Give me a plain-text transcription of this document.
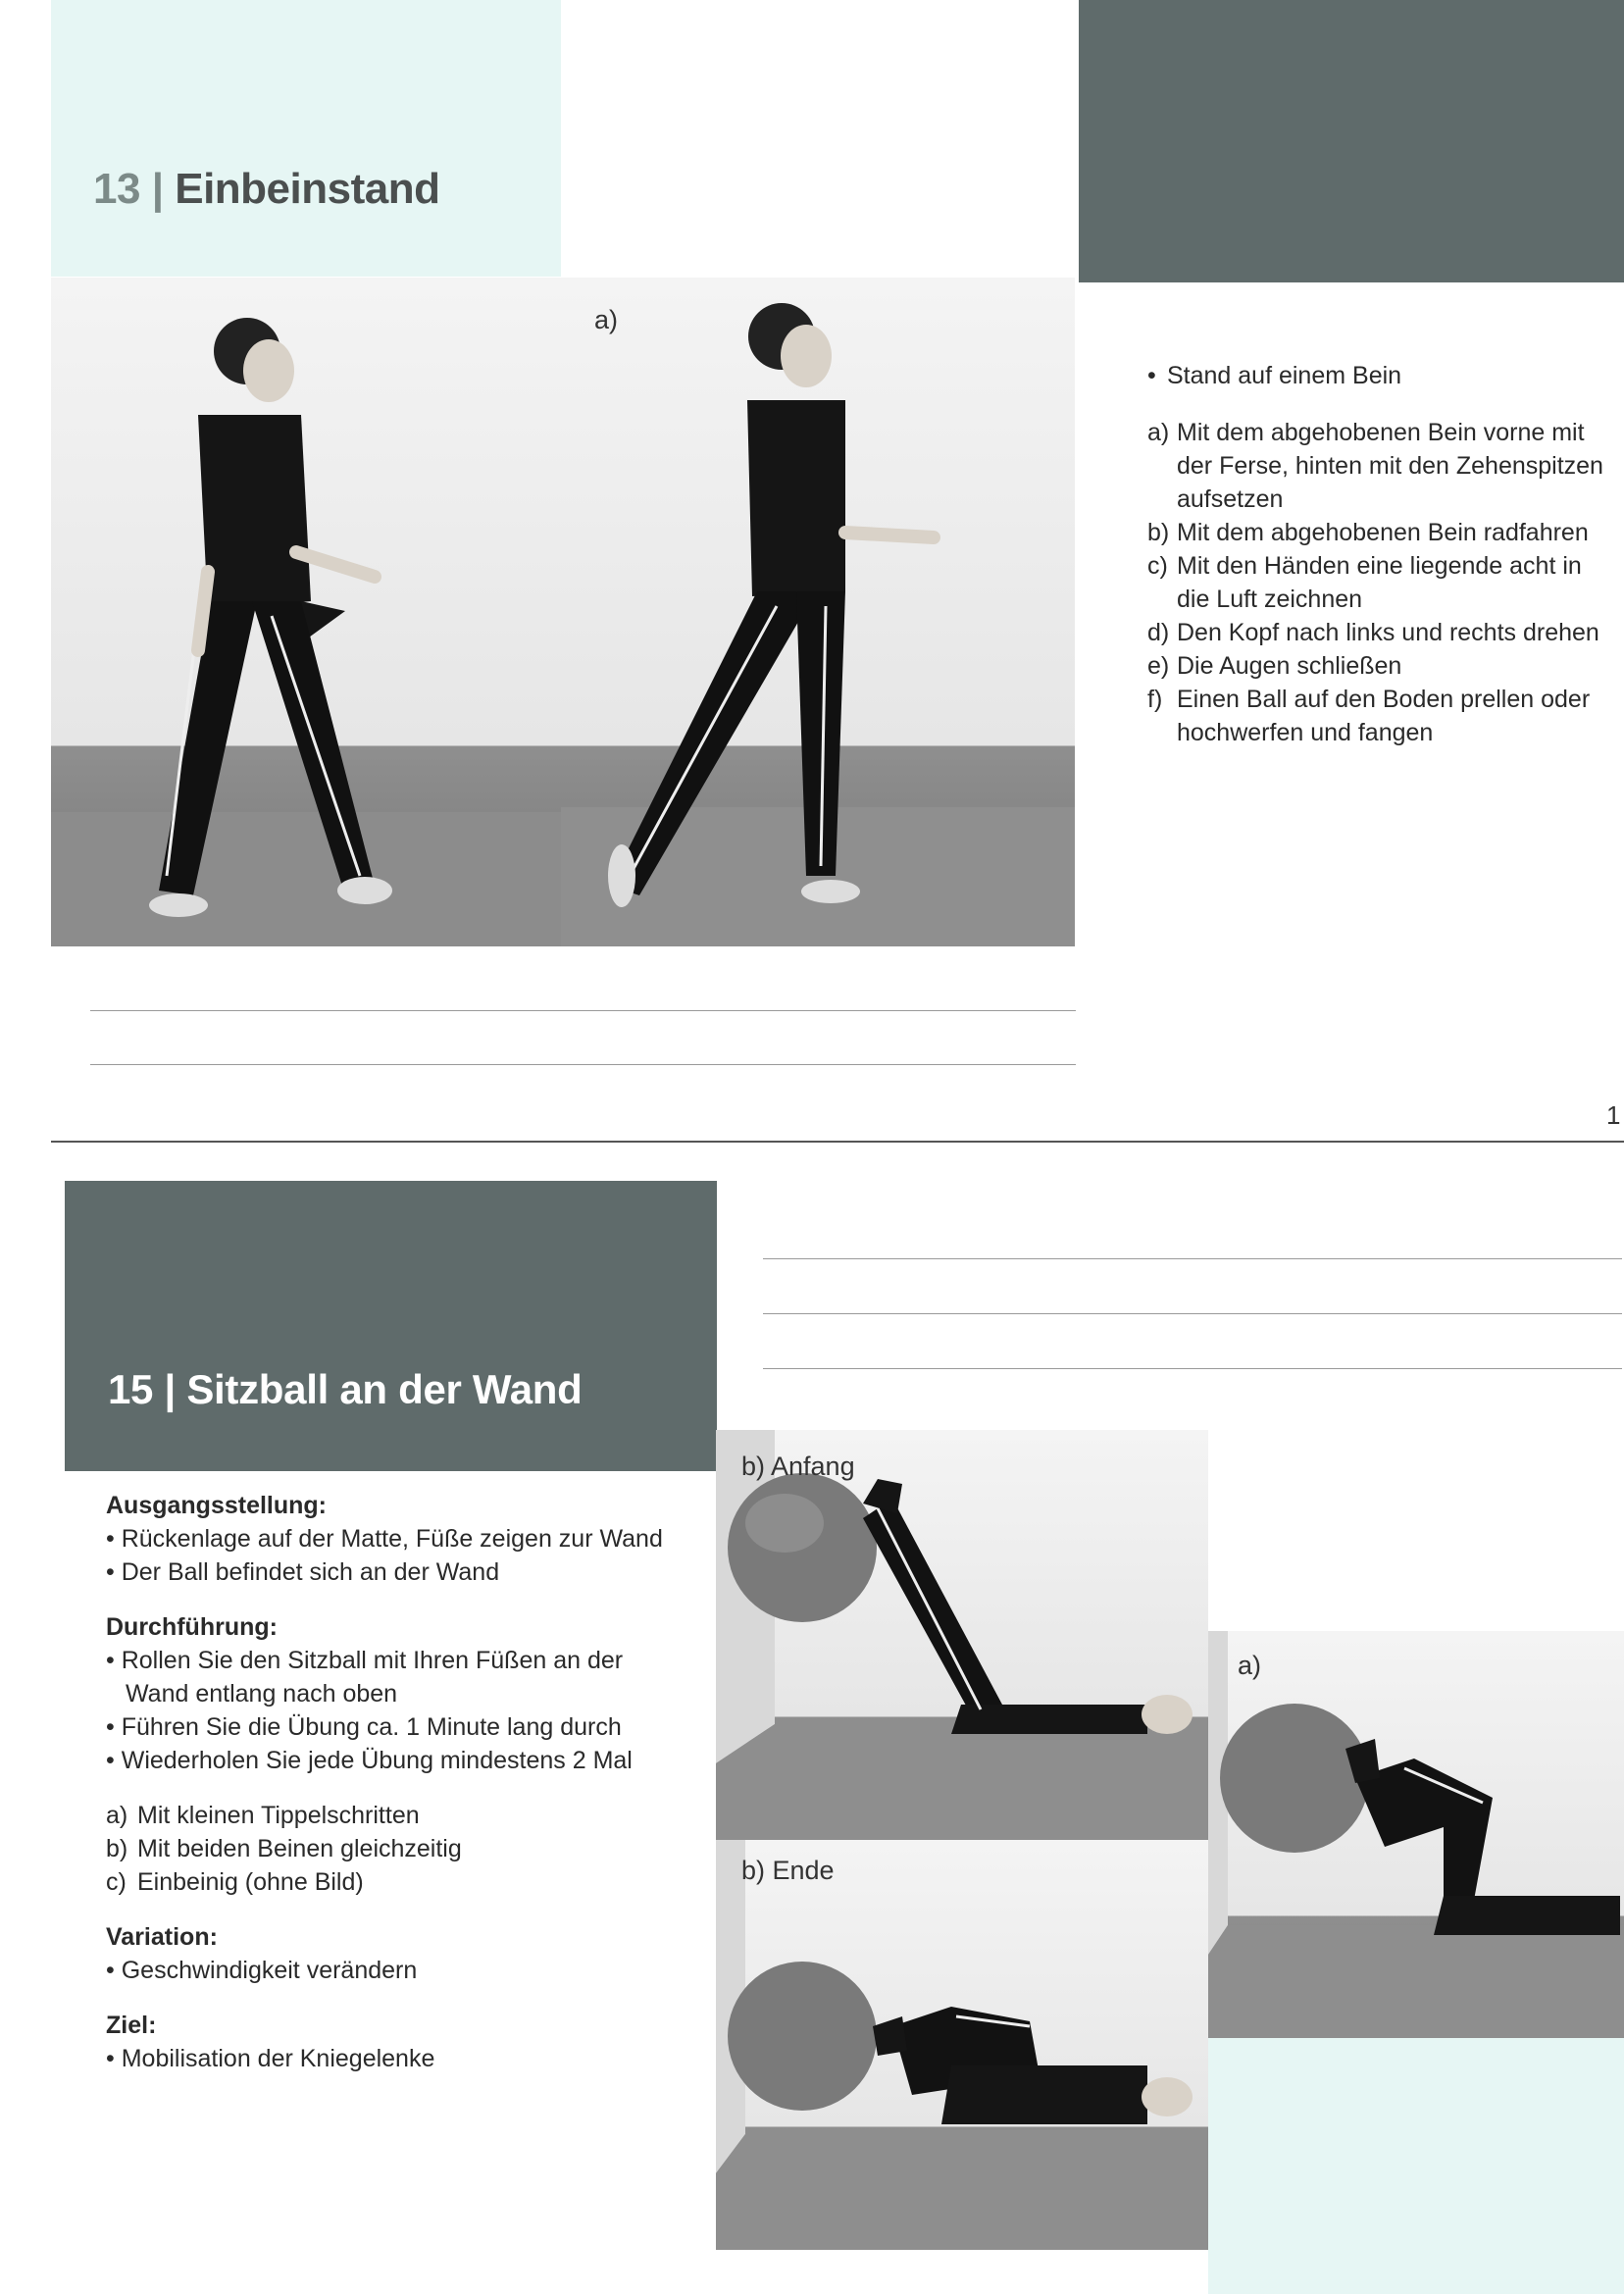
13 | Einbeinstand
a)
• Stand auf einem Bein
a) Mit dem abgehobenen Bein vorne mit der Ferse, hinten mit den Zehenspitzen aufsetzen
b) Mit dem abgehobenen Bein radfahren
c) Mit den Händen eine liegende acht in die Luft zeichnen
d) Den Kopf nach links und rechts drehen
e) Die Augen schließen
f) Einen Ball auf den Boden prellen oder hochwerfen und fangen
1
15 | Sitzball an der Wand
Ausgangsstellung:
• Rückenlage auf der Matte, Füße zeigen zur Wand
• Der Ball befindet sich an der Wand
Durchführung:
• Rollen Sie den Sitzball mit Ihren Füßen an der Wand entlang nach oben
• Führen Sie die Übung ca. 1 Minute lang durch
• Wiederholen Sie jede Übung mindestens 2 Mal
a) Mit kleinen Tippelschritten
b) Mit beiden Beinen gleichzeitig
c) Einbeinig (ohne Bild)
Variation:
• Geschwindigkeit verändern
Ziel:
• Mobilisation der Kniegelenke
b) Anfang
a)
b) Ende
